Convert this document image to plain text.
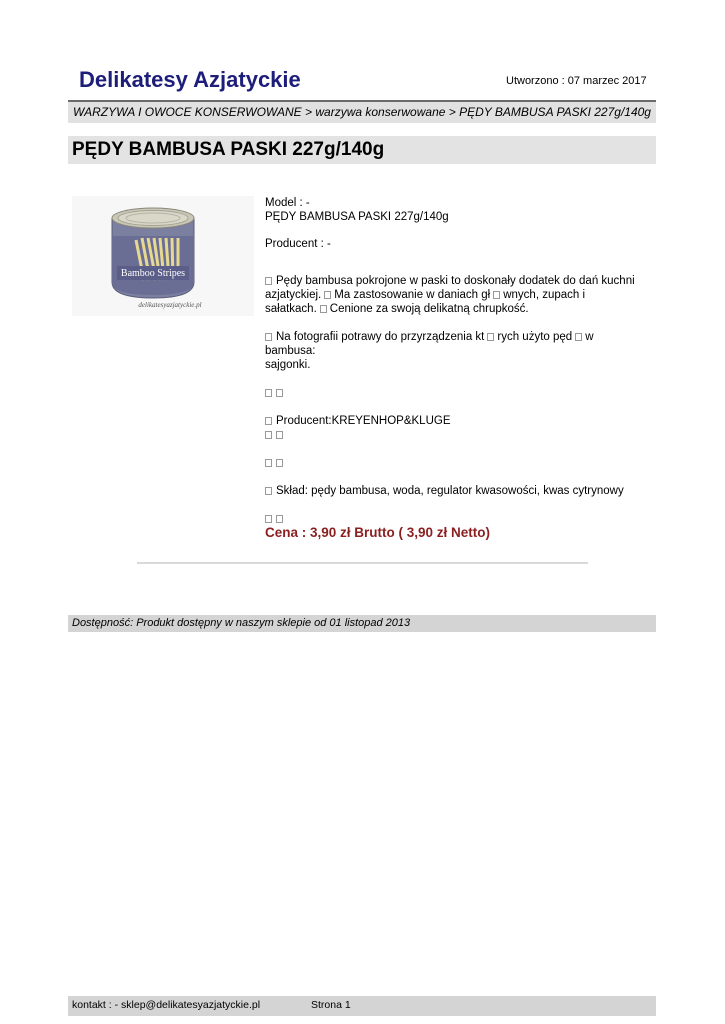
Delikatesy Azjatyckie	Utworzono : 07 marzec 2017
WARZYWA I OWOCE KONSERWOWANE > warzywa konserwowane > PĘDY BAMBUSA PASKI 227g/140g
PĘDY BAMBUSA PASKI 227g/140g
Bamboo Stripes
delikatesyazjatyckie.pl

Model : -

PĘDY BAMBUSA PASKI 227g/140g

Producent : -

Pędy bambusa pokrojone w paski to doskonały dodatek do dań kuchni

azjatyckiej. Ma zastosowanie w daniach gł wnych, zupach i

sałatkach. Cenione za swoją delikatną chrupkość.

Na fotografii potrawy do przyrządzenia kt rych użyto pęd w bambusa:

sajgonki.

Producent:KREYENHOP&KLUGE

Skład: pędy bambusa, woda, regulator kwasowości, kwas cytrynowy

Cena : 3,90 zł Brutto ( 3,90 zł Netto)

Dostępność: Produkt dostępny w naszym sklepie od 01 listopad 2013
kontakt : - sklep@delikatesyazjatyckie.pl	Strona 1
